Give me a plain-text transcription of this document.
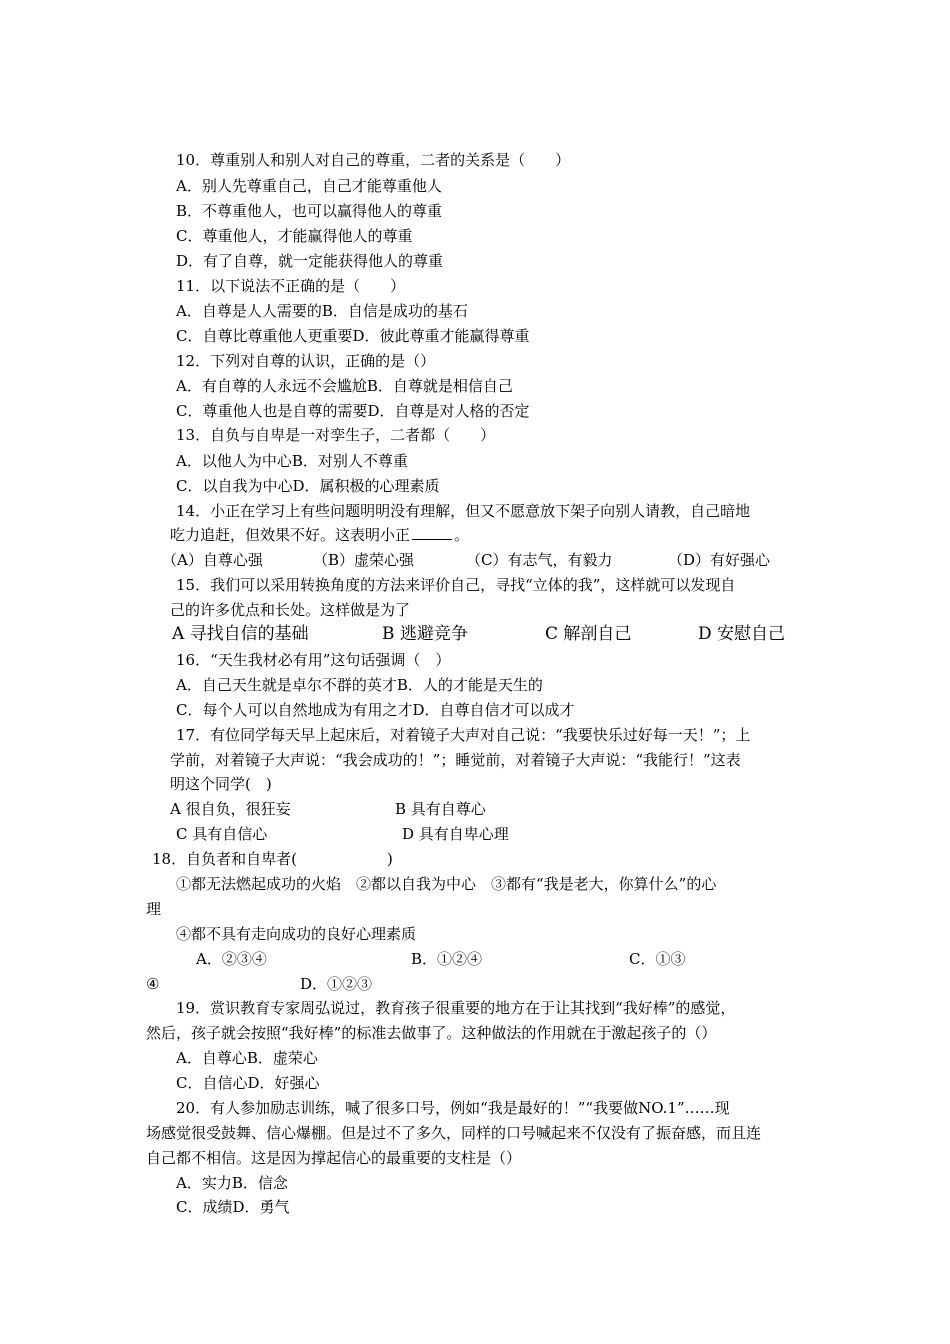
10．尊重别人和别人对自己的尊重，二者的关系是（　　）
A．别人先尊重自己，自己才能尊重他人
B．不尊重他人，也可以赢得他人的尊重
C．尊重他人，才能赢得他人的尊重
D．有了自尊，就一定能获得他人的尊重
11．以下说法不正确的是（　　）
A．自尊是人人需要的B．自信是成功的基石
C．自尊比尊重他人更重要D．彼此尊重才能赢得尊重
12．下列对自尊的认识，正确的是（）
A．有自尊的人永远不会尴尬B．自尊就是相信自己
C．尊重他人也是自尊的需要D．自尊是对人格的否定
13．自负与自卑是一对孪生子，二者都（　　）
A．以他人为中心B．对别人不尊重
C．以自我为中心D．属积极的心理素质
14．小正在学习上有些问题明明没有理解，但又不愿意放下架子向别人请教，自己暗地
吃力追赶，但效果不好。这表明小正	。
（A）自尊心强	（B）虚荣心强	（C）有志气，有毅力	（D）有好强心
15．我们可以采用转换角度的方法来评价自己，寻找“立体的我”，这样就可以发现自
己的许多优点和长处。这样做是为了
A 寻找自信的基础	B 逃避竞争	C 解剖自己	D 安慰自己
16．“天生我材必有用”这句话强调（　）
A．自己天生就是卓尔不群的英才B．人的才能是天生的
C．每个人可以自然地成为有用之才D．自尊自信才可以成才
17．有位同学每天早上起床后，对着镜子大声对自己说：“我要快乐过好每一天！”；上
学前，对着镜子大声说：“我会成功的！”；睡觉前，对着镜子大声说：“我能行！”这表
明这个同学(　)
A 很自负，很狂妄	B 具有自尊心
C 具有自信心	D 具有自卑心理
18．自负者和自卑者(　　　　　　)
①都无法燃起成功的火焰　②都以自我为中心　③都有“我是老大，你算什么”的心
理
④都不具有走向成功的良好心理素质
A．②③④	B．①②④	C．①③
④	D．①②③
19．赏识教育专家周弘说过，教育孩子很重要的地方在于让其找到“我好棒”的感觉，
然后，孩子就会按照“我好棒”的标准去做事了。这种做法的作用就在于激起孩子的（）
A．自尊心B．虚荣心
C．自信心D．好强心
20．有人参加励志训练，喊了很多口号，例如“我是最好的！”“我要做NO.1”……现
场感觉很受鼓舞、信心爆棚。但是过不了多久，同样的口号喊起来不仅没有了振奋感，而且连
自己都不相信。这是因为撑起信心的最重要的支柱是（）
A．实力B．信念
C．成绩D．勇气
